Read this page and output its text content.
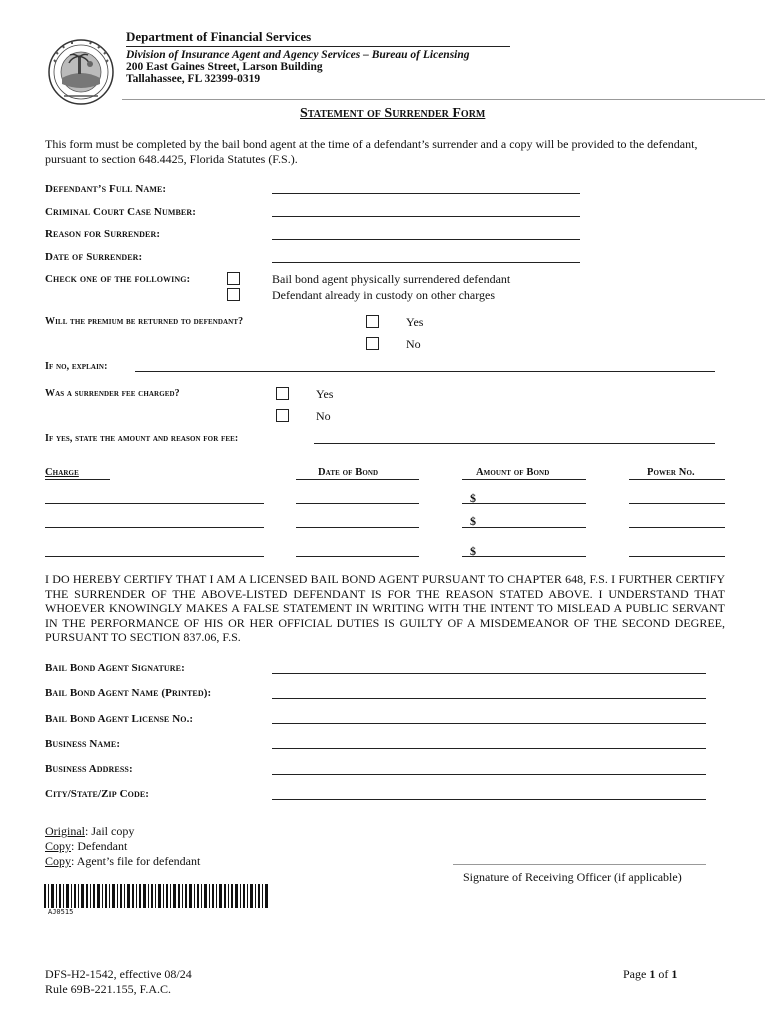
Department of Financial Services
Division of Insurance Agent and Agency Services – Bureau of Licensing
200 East Gaines Street, Larson Building
Tallahassee, FL 32399-0319
Statement of Surrender Form
This form must be completed by the bail bond agent at the time of a defendant’s surrender and a copy will be provided to the defendant, pursuant to section 648.4425, Florida Statutes (F.S.).
Defendant’s Full Name:
Criminal Court Case Number:
Reason for Surrender:
Date of Surrender:
Check one of the following:	Bail bond agent physically surrendered defendant
Defendant already in custody on other charges
Will the premium be returned to defendant?	Yes
No
If no, explain:
Was a surrender fee charged?	Yes
No
If yes, state the amount and reason for fee:
Charge	Date of Bond	Amount of Bond	Power No.
$
$
$
I DO HEREBY CERTIFY THAT I AM A LICENSED BAIL BOND AGENT PURSUANT TO CHAPTER 648, F.S. I FURTHER CERTIFY THE SURRENDER OF THE ABOVE-LISTED DEFENDANT IS FOR THE REASON STATED ABOVE. I UNDERSTAND THAT WHOEVER KNOWINGLY MAKES A FALSE STATEMENT IN WRITING WITH THE INTENT TO MISLEAD A PUBLIC SERVANT IN THE PERFORMANCE OF HIS OR HER OFFICIAL DUTIES IS GUILTY OF A MISDEMEANOR OF THE SECOND DEGREE, PURSUANT TO SECTION 837.06, F.S.
Bail Bond Agent Signature:
Bail Bond Agent Name (Printed):
Bail Bond Agent License No.:
Business Name:
Business Address:
City/State/Zip Code:
Original: Jail copy
Copy: Defendant
Copy: Agent’s file for defendant
Signature of Receiving Officer (if applicable)
AJ0515
DFS-H2-1542, effective 08/24
Rule 69B-221.155, F.A.C.
Page 1 of 1
